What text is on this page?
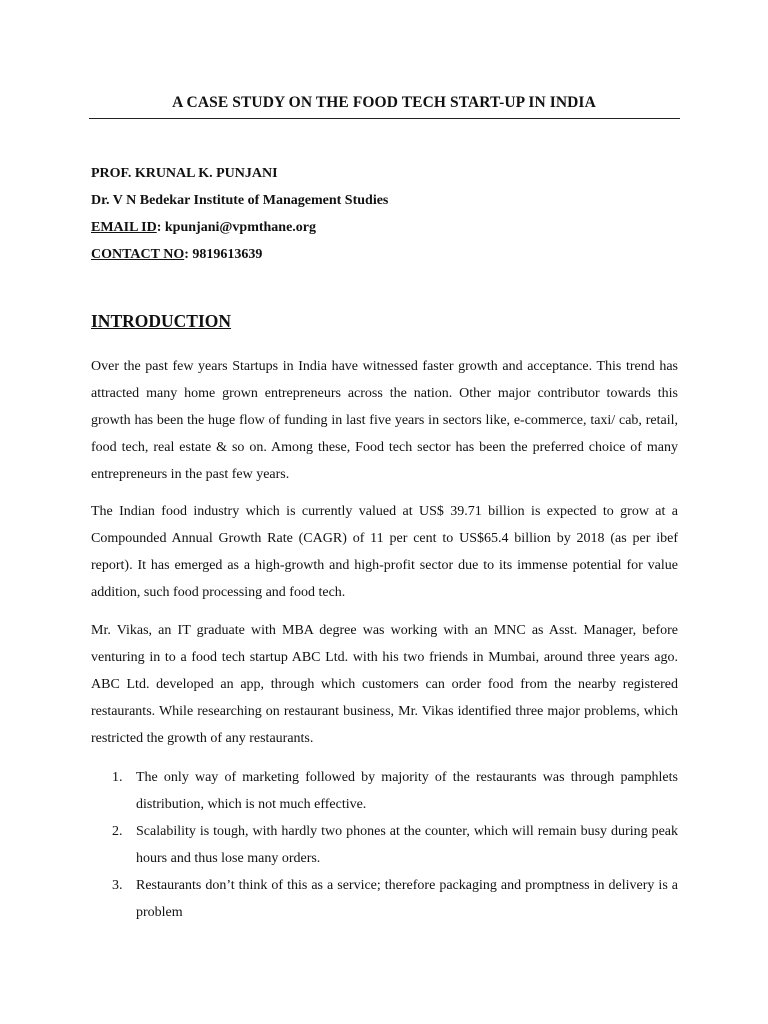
A CASE STUDY ON THE FOOD TECH START-UP IN INDIA
PROF. KRUNAL K. PUNJANI
Dr. V N Bedekar Institute of Management Studies
EMAIL ID: kpunjani@vpmthane.org
CONTACT NO: 9819613639
INTRODUCTION

Over the past few years Startups in India have witnessed faster growth and acceptance. This trend has attracted many home grown entrepreneurs across the nation. Other major contributor towards this growth has been the huge flow of funding in last five years in sectors like, e-commerce, taxi/ cab, retail, food tech, real estate & so on. Among these, Food tech sector has been the preferred choice of many entrepreneurs in the past few years.

The Indian food industry which is currently valued at US$ 39.71 billion is expected to grow at a Compounded Annual Growth Rate (CAGR) of 11 per cent to US$65.4 billion by 2018 (as per ibef report). It has emerged as a high-growth and high-profit sector due to its immense potential for value addition, such food processing and food tech.

Mr. Vikas, an IT graduate with MBA degree was working with an MNC as Asst. Manager, before venturing in to a food tech startup ABC Ltd. with his two friends in Mumbai, around three years ago. ABC Ltd. developed an app, through which customers can order food from the nearby registered restaurants. While researching on restaurant business, Mr. Vikas identified three major problems, which restricted the growth of any restaurants.

1. The only way of marketing followed by majority of the restaurants was through pamphlets distribution, which is not much effective.
2. Scalability is tough, with hardly two phones at the counter, which will remain busy during peak hours and thus lose many orders.
3. Restaurants don’t think of this as a service; therefore packaging and promptness in delivery is a problem
